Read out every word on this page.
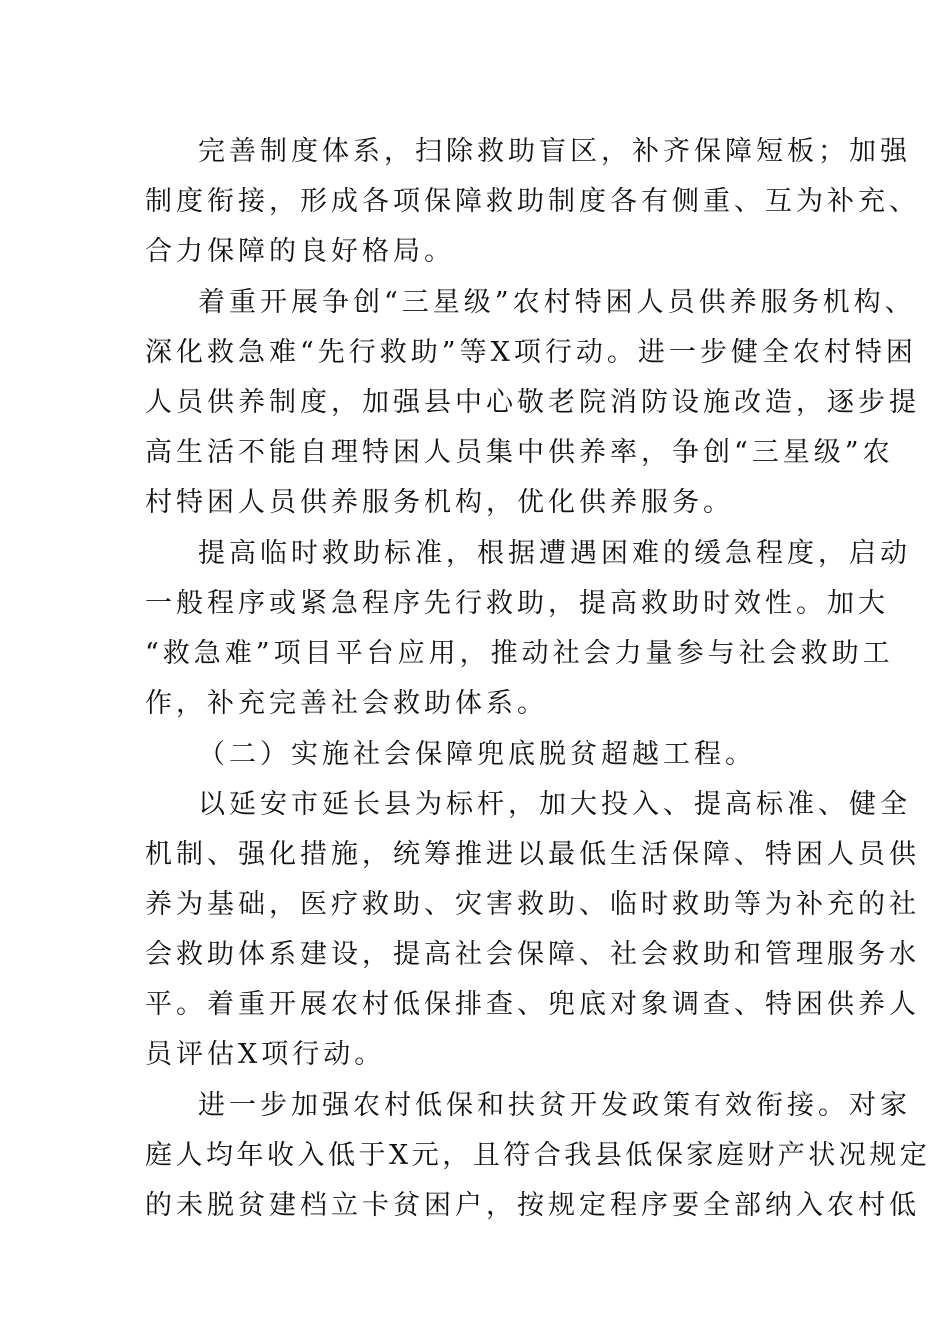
完善制度体系，扫除救助盲区，补齐保障短板；加强
制度衔接，形成各项保障救助制度各有侧重、互为补充、
合力保障的良好格局。
着重开展争创“三星级”农村特困人员供养服务机构、
深化救急难“先行救助”等X项行动。进一步健全农村特困
人员供养制度，加强县中心敬老院消防设施改造，逐步提
高生活不能自理特困人员集中供养率，争创“三星级”农
村特困人员供养服务机构，优化供养服务。
提高临时救助标准，根据遭遇困难的缓急程度，启动
一般程序或紧急程序先行救助，提高救助时效性。加大
“救急难”项目平台应用，推动社会力量参与社会救助工
作，补充完善社会救助体系。
（二）实施社会保障兜底脱贫超越工程。
以延安市延长县为标杆，加大投入、提高标准、健全
机制、强化措施，统筹推进以最低生活保障、特困人员供
养为基础，医疗救助、灾害救助、临时救助等为补充的社
会救助体系建设，提高社会保障、社会救助和管理服务水
平。着重开展农村低保排查、兜底对象调查、特困供养人
员评估X项行动。
进一步加强农村低保和扶贫开发政策有效衔接。对家
庭人均年收入低于X元，且符合我县低保家庭财产状况规定
的未脱贫建档立卡贫困户，按规定程序要全部纳入农村低
